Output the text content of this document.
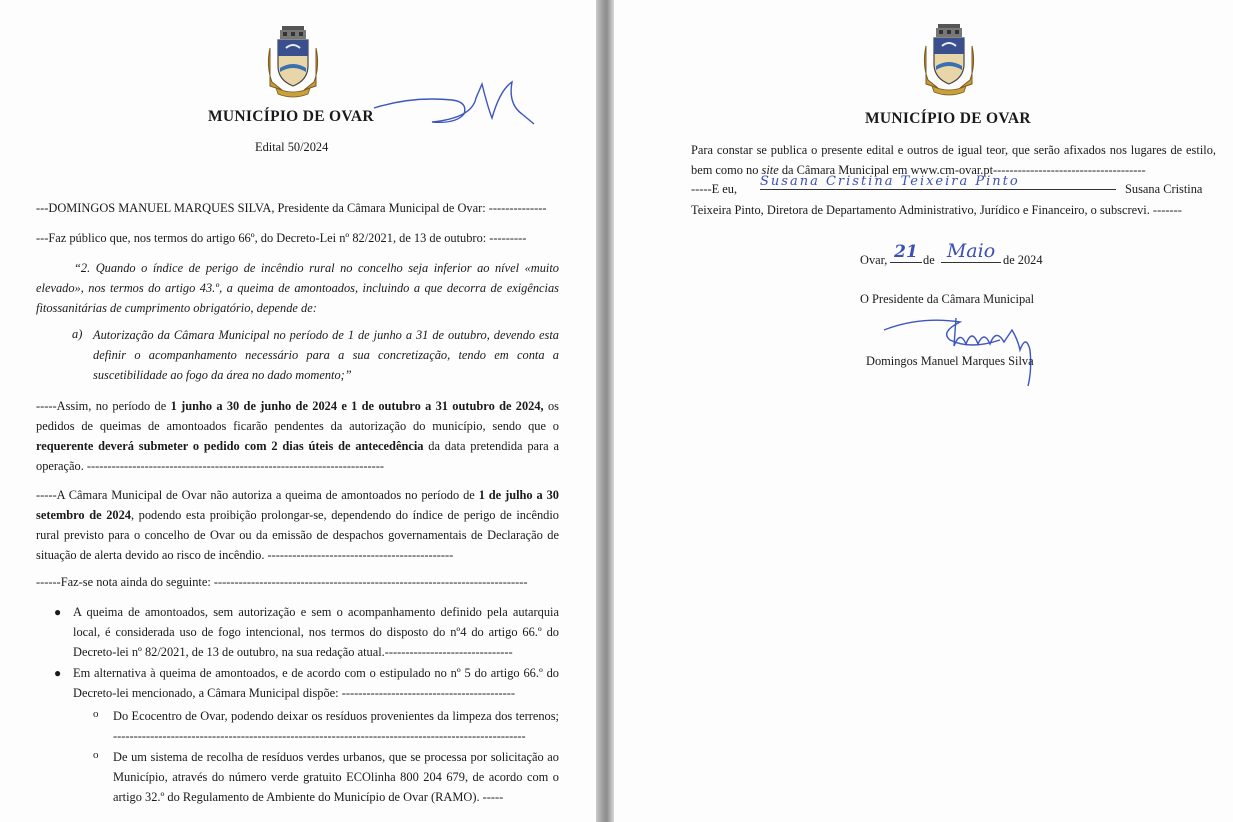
MUNICÍPIO DE OVAR
Edital 50/2024
---DOMINGOS MANUEL MARQUES SILVA, Presidente da Câmara Municipal de Ovar: --------------
---Faz público que, nos termos do artigo 66º, do Decreto-Lei nº 82/2021, de 13 de outubro: ---------
“2. Quando o índice de perigo de incêndio rural no concelho seja inferior ao nível «muito elevado», nos termos do artigo 43.º, a queima de amontoados, incluindo a que decorra de exigências fitossanitárias de cumprimento obrigatório, depende de:
a) Autorização da Câmara Municipal no período de 1 de junho a 31 de outubro, devendo esta definir o acompanhamento necessário para a sua concretização, tendo em conta a suscetibilidade ao fogo da área no dado momento;”
-----Assim, no período de 1 junho a 30 de junho de 2024 e 1 de outubro a 31 outubro de 2024, os pedidos de queimas de amontoados ficarão pendentes da autorização do município, sendo que o requerente deverá submeter o pedido com 2 dias úteis de antecedência da data pretendida para a operação. ------------------------------------------------------------------------
-----A Câmara Municipal de Ovar não autoriza a queima de amontoados no período de 1 de julho a 30 setembro de 2024, podendo esta proibição prolongar-se, dependendo do índice de perigo de incêndio rural previsto para o concelho de Ovar ou da emissão de despachos governamentais de Declaração de situação de alerta devido ao risco de incêndio. ---------------------------------------------
------Faz-se nota ainda do seguinte: ----------------------------------------------------------------------------
● A queima de amontoados, sem autorização e sem o acompanhamento definido pela autarquia local, é considerada uso de fogo intencional, nos termos do disposto do nº4 do artigo 66.º do Decreto-lei nº 82/2021, de 13 de outubro, na sua redação atual.-------------------------------
● Em alternativa à queima de amontoados, e de acordo com o estipulado no nº 5 do artigo 66.º do Decreto-lei mencionado, a Câmara Municipal dispõe: ------------------------------------------
o Do Ecocentro de Ovar, podendo deixar os resíduos provenientes da limpeza dos terrenos; ----------------------------------------------------------------------------------------------------
o De um sistema de recolha de resíduos verdes urbanos, que se processa por solicitação ao Município, através do número verde gratuito ECOlinha 800 204 679, de acordo com o artigo 32.º do Regulamento de Ambiente do Município de Ovar (RAMO). -----
MUNICÍPIO DE OVAR
Para constar se publica o presente edital e outros de igual teor, que serão afixados nos lugares de estilo, bem como no site da Câmara Municipal em www.cm-ovar.pt-------------------------------------
-----E eu, Susana Cristina Teixeira Pinto	Susana Cristina
Teixeira Pinto, Diretora de Departamento Administrativo, Jurídico e Financeiro, o subscrevi. -------
Ovar, 21 de Maio de 2024
O Presidente da Câmara Municipal
Domingos Manuel Marques Silva
